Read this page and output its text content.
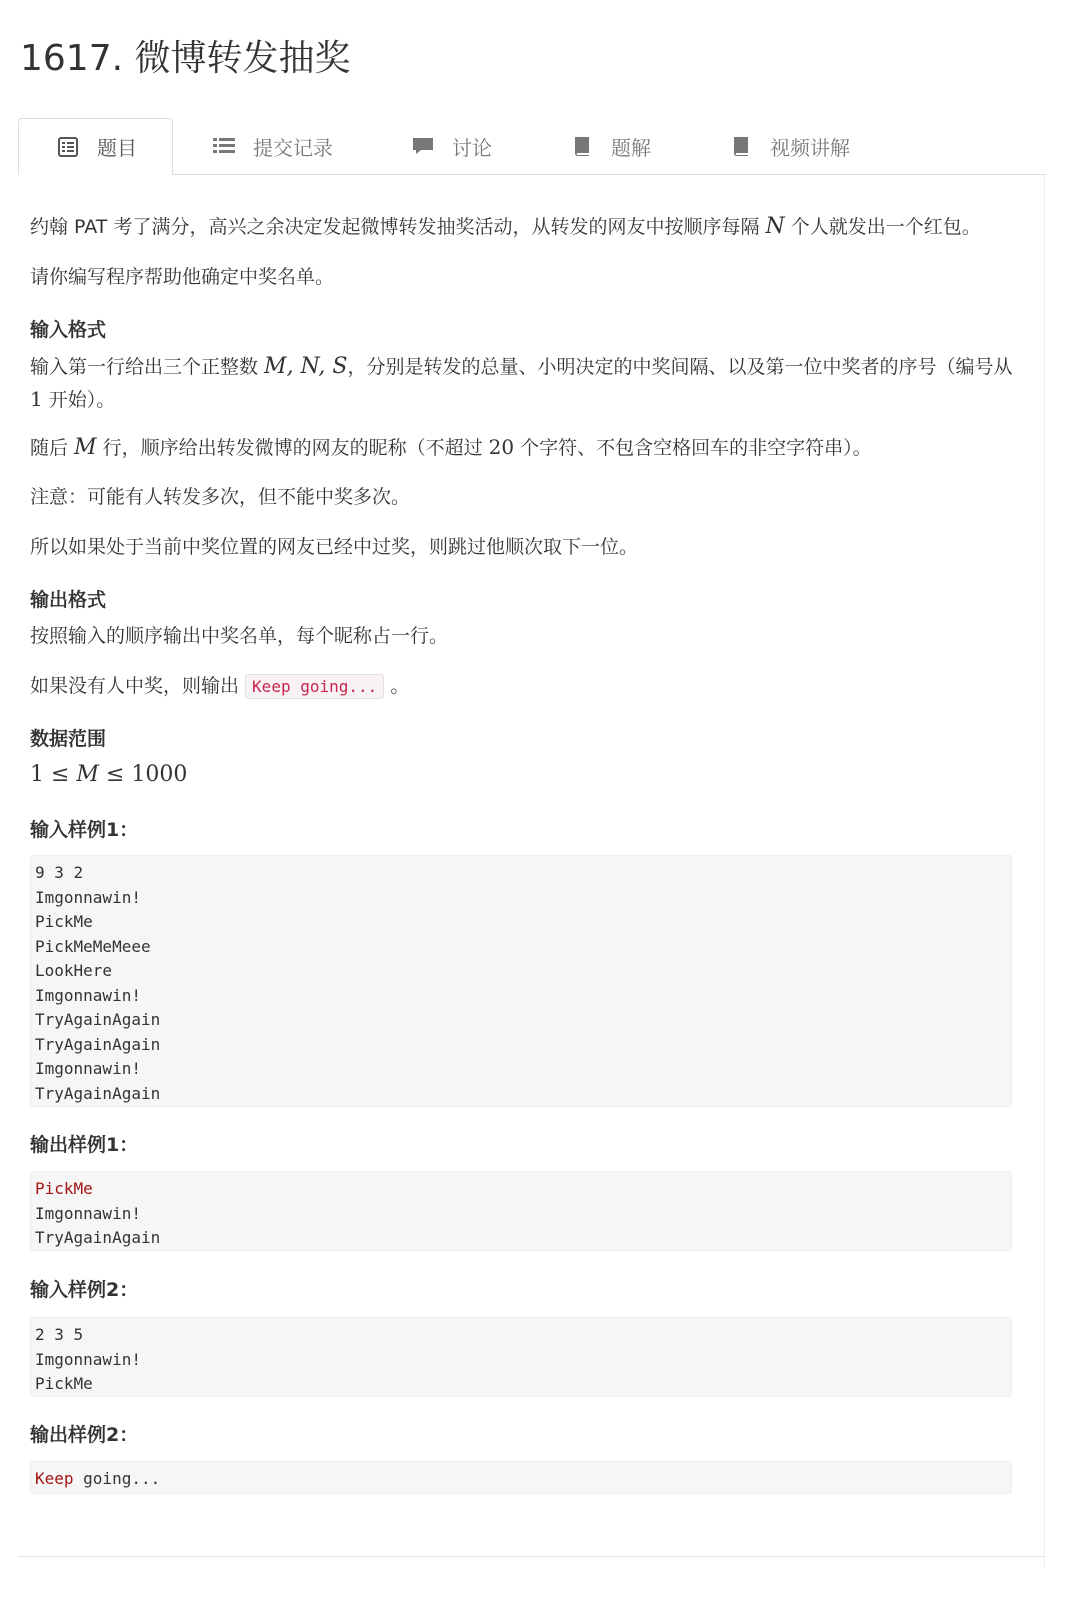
1617. 微博转发抽奖
题目	提交记录	讨论	题解	视频讲解

约翰 PAT 考了满分，高兴之余决定发起微博转发抽奖活动，从转发的网友中按顺序每隔 N 个人就发出一个红包。

请你编写程序帮助他确定中奖名单。

输入格式

输入第一行给出三个正整数 M, N, S，分别是转发的总量、小明决定的中奖间隔、以及第一位中奖者的序号（编号从 1 开始）。

随后 M 行，顺序给出转发微博的网友的昵称（不超过 20 个字符、不包含空格回车的非空字符串）。

注意：可能有人转发多次，但不能中奖多次。

所以如果处于当前中奖位置的网友已经中过奖，则跳过他顺次取下一位。

输出格式

按照输入的顺序输出中奖名单，每个昵称占一行。

如果没有人中奖，则输出 Keep going... 。

数据范围

1 ≤ M ≤ 1000

输入样例1：

9 3 2
Imgonnawin!
PickMe
PickMeMeMeee
LookHere
Imgonnawin!
TryAgainAgain
TryAgainAgain
Imgonnawin!
TryAgainAgain

输出样例1：

PickMe
Imgonnawin!
TryAgainAgain

输入样例2：

2 3 5
Imgonnawin!
PickMe

输出样例2：

Keep going...
